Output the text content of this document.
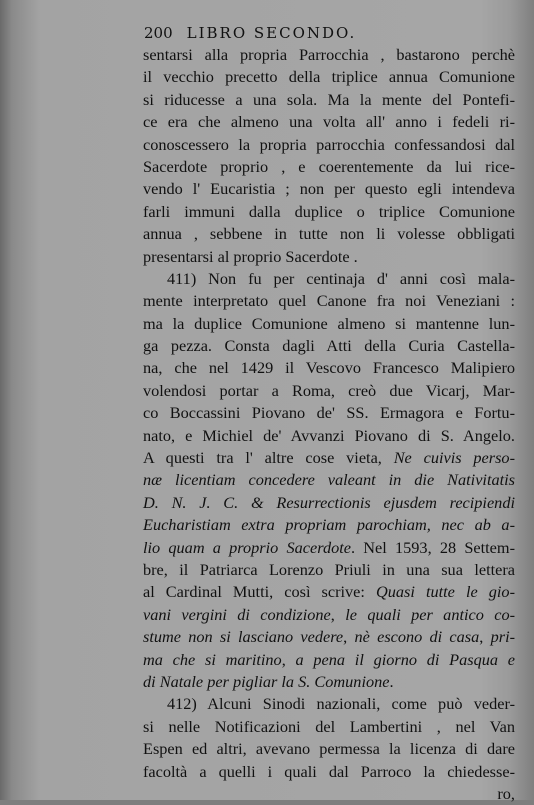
200 LIBRO SECONDO.
sentarsi alla propria Parrocchia , bastarono perchè
il vecchio precetto della triplice annua Comunione
si riducesse a una sola. Ma la mente del Pontefi-
ce era che almeno una volta all' anno i fedeli ri-
conoscessero la propria parrocchia confessandosi dal
Sacerdote proprio , e coerentemente da lui rice-
vendo l' Eucaristia ; non per questo egli intendeva
farli immuni dalla duplice o triplice Comunione
annua , sebbene in tutte non li volesse obbligati
presentarsi al proprio Sacerdote .
411) Non fu per centinaja d' anni così mala-
mente interpretato quel Canone fra noi Veneziani :
ma la duplice Comunione almeno si mantenne lun-
ga pezza. Consta dagli Atti della Curia Castella-
na, che nel 1429 il Vescovo Francesco Malipiero
volendosi portar a Roma, creò due Vicarj, Mar-
co Boccassini Piovano de' SS. Ermagora e Fortu-
nato, e Michiel de' Avvanzi Piovano di S. Angelo.
A questi tra l' altre cose vieta, Ne cuivis perso-
næ licentiam concedere valeant in die Nativitatis
D. N. J. C. & Resurrectionis ejusdem recipiendi
Eucharistiam extra propriam parochiam, nec ab a-
lio quam a proprio Sacerdote. Nel 1593, 28 Settem-
bre, il Patriarca Lorenzo Priuli in una sua lettera
al Cardinal Mutti, così scrive: Quasi tutte le gio-
vani vergini di condizione, le quali per antico co-
stume non si lasciano vedere, nè escono di casa, pri-
ma che si maritino, a pena il giorno di Pasqua e
di Natale per pigliar la S. Comunione.
412) Alcuni Sinodi nazionali, come può veder-
si nelle Notificazioni del Lambertini , nel Van
Espen ed altri, avevano permessa la licenza di dare
facoltà a quelli i quali dal Parroco la chiedesse-
ro,
